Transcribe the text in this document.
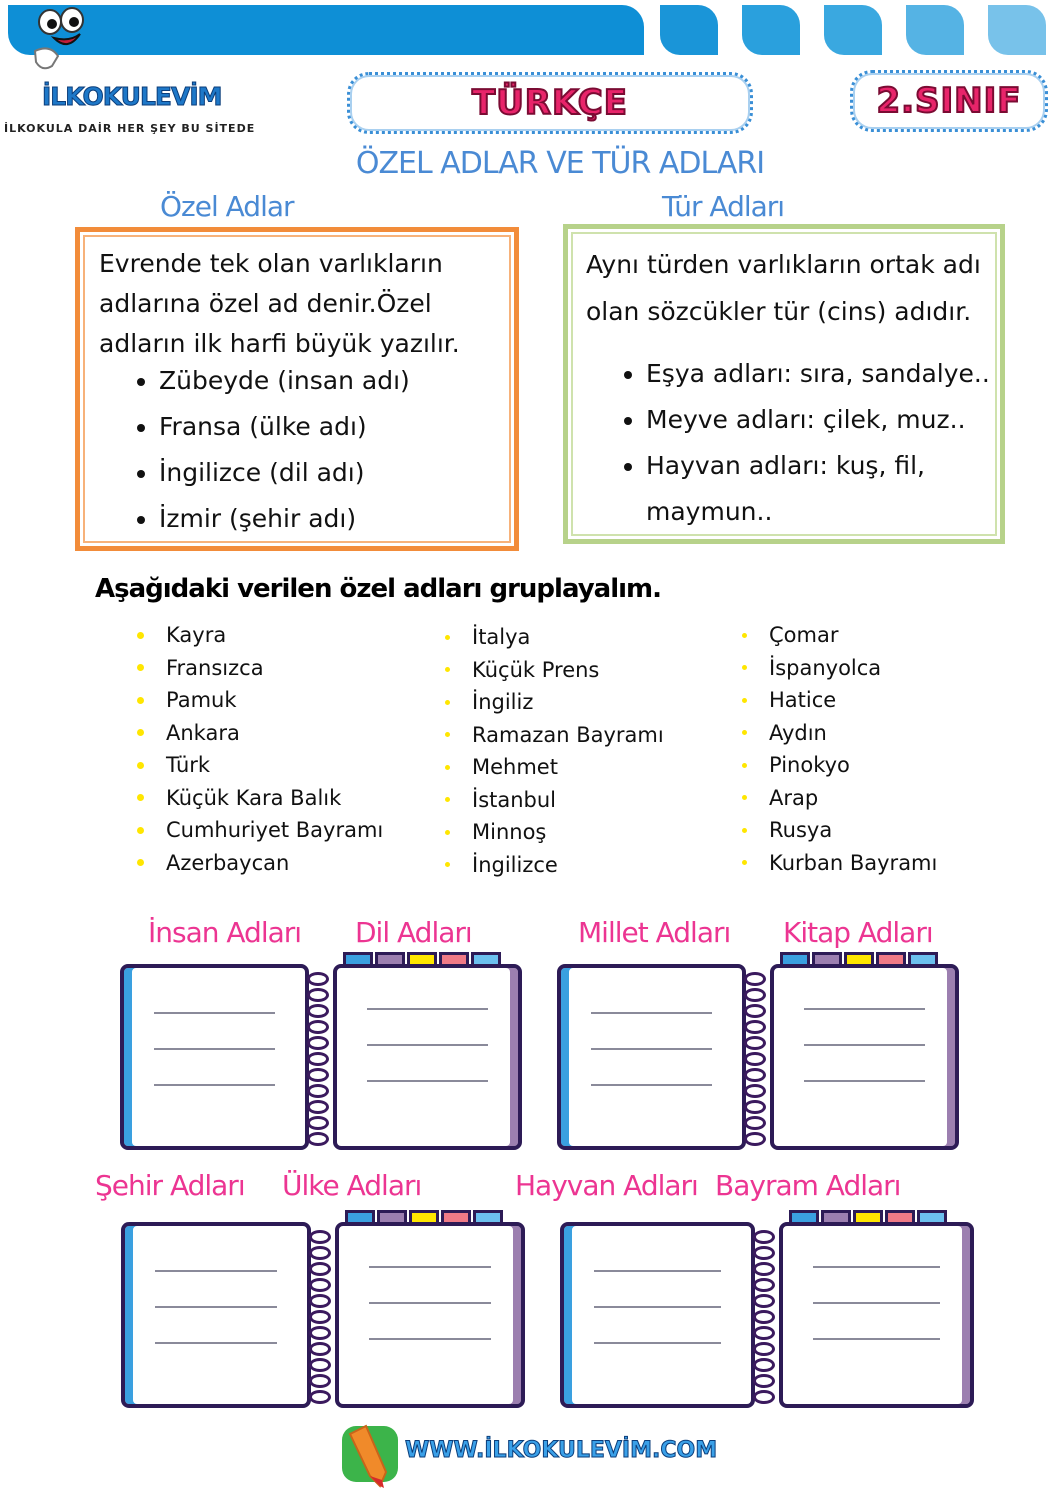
İLKOKULEVİM
İLKOKULA DAİR HER ŞEY BU SİTEDE
TÜRKÇE	2.SINIF
ÖZEL ADLAR VE TÜR ADLARI
Özel Adlar	Tür Adları
Evrende tek olan varlıkların
adlarına özel ad denir.Özel
adların ilk harfi büyük yazılır.
• Zübeyde (insan adı)
• Fransa (ülke adı)
• İngilizce (dil adı)
• İzmir (şehir adı)
Aynı türden varlıkların ortak adı
olan sözcükler tür (cins) adıdır.
• Eşya adları: sıra, sandalye..
• Meyve adları: çilek, muz..
• Hayvan adları: kuş, fil,
maymun..
Aşağıdaki verilen özel adları gruplayalım.
Kayra
Fransızca
Pamuk
Ankara
Türk
Küçük Kara Balık
Cumhuriyet Bayramı
Azerbaycan
İtalya
Küçük Prens
İngiliz
Ramazan Bayramı
Mehmet
İstanbul
Minnoş
İngilizce
Çomar
İspanyolca
Hatice
Aydın
Pinokyo
Arap
Rusya
Kurban Bayramı
İnsan Adları Dil Adları	Millet Adları Kitap Adları
Şehir Adları Ülke Adları	Hayvan Adları Bayram Adları
WWW.İLKOKULEVİM.COM
